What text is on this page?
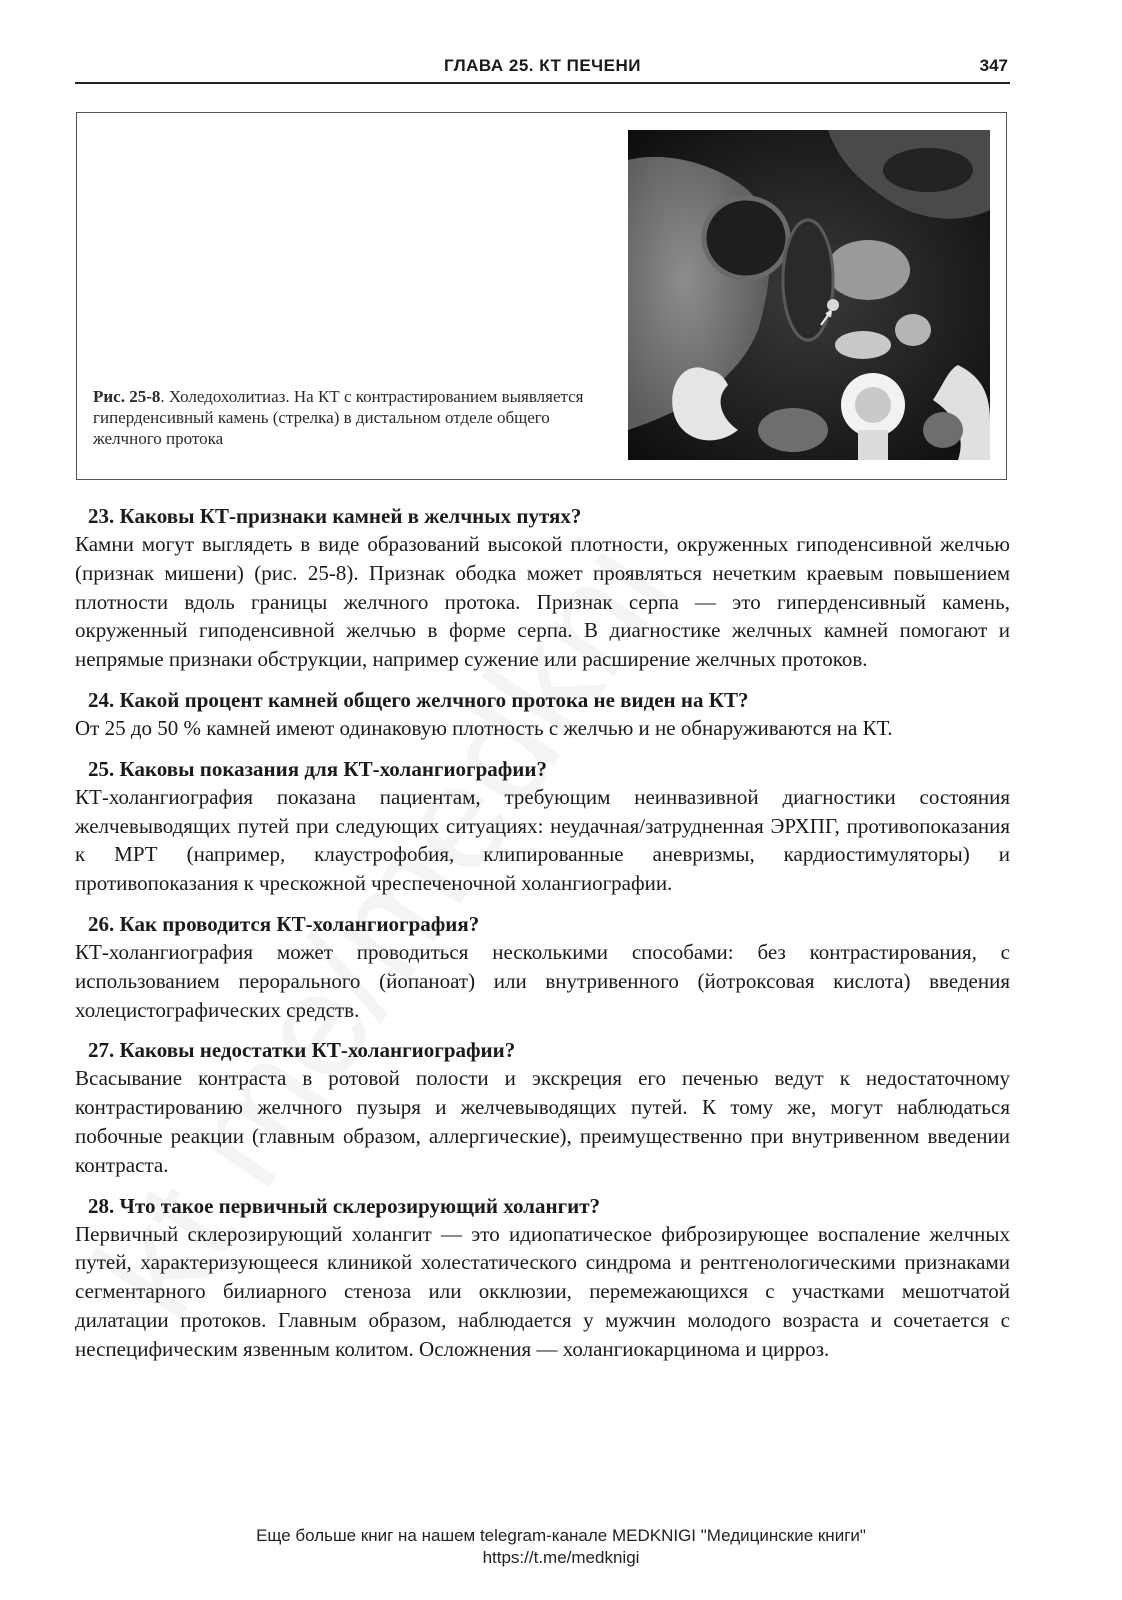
ГЛАВА 25. КТ ПЕЧЕНИ	347
Рис. 25-8. Холедохолитиаз. На КТ с контрастированием выявляется гиперденсивный камень (стрелка) в дистальном отделе общего желчного протока
23. Каковы КТ-признаки камней в желчных путях?
Камни могут выглядеть в виде образований высокой плотности, окруженных гиподенсивной желчью (признак мишени) (рис. 25-8). Признак ободка может проявляться нечетким краевым повышением плотности вдоль границы желчного протока. Признак серпа — это гиперденсивный камень, окруженный гиподенсивной желчью в форме серпа. В диагностике желчных камней помогают и непрямые признаки обструкции, например сужение или расширение желчных протоков.
24. Какой процент камней общего желчного протока не виден на КТ?
От 25 до 50 % камней имеют одинаковую плотность с желчью и не обнаруживаются на КТ.
25. Каковы показания для КТ-холангиографии?
КТ-холангиография показана пациентам, требующим неинвазивной диагностики состояния желчевыводящих путей при следующих ситуациях: неудачная/затрудненная ЭРХПГ, противопоказания к МРТ (например, клаустрофобия, клипированные аневризмы, кардиостимуляторы) и противопоказания к чрескожной чреспеченочной холангиографии.
26. Как проводится КТ-холангиография?
КТ-холангиография может проводиться несколькими способами: без контрастирования, с использованием перорального (йопаноат) или внутривенного (йотроксовая кислота) введения холецистографических средств.
27. Каковы недостатки КТ-холангиографии?
Всасывание контраста в ротовой полости и экскреция его печенью ведут к недостаточному контрастированию желчного пузыря и желчевыводящих путей. К тому же, могут наблюдаться побочные реакции (главным образом, аллергические), преимущественно при внутривенном введении контраста.
28. Что такое первичный склерозирующий холангит?
Первичный склерозирующий холангит — это идиопатическое фиброзирующее воспаление желчных путей, характеризующееся клиникой холестатического синдрома и рентгенологическими признаками сегментарного билиарного стеноза или окклюзии, перемежающихся с участками мешотчатой дилатации протоков. Главным образом, наблюдается у мужчин молодого возраста и сочетается с неспецифическим язвенным колитом. Осложнения — холангиокарцинома и цирроз.
Еще больше книг на нашем telegram-канале MEDKNIGI "Медицинские книги"
https://t.me/medknigi
